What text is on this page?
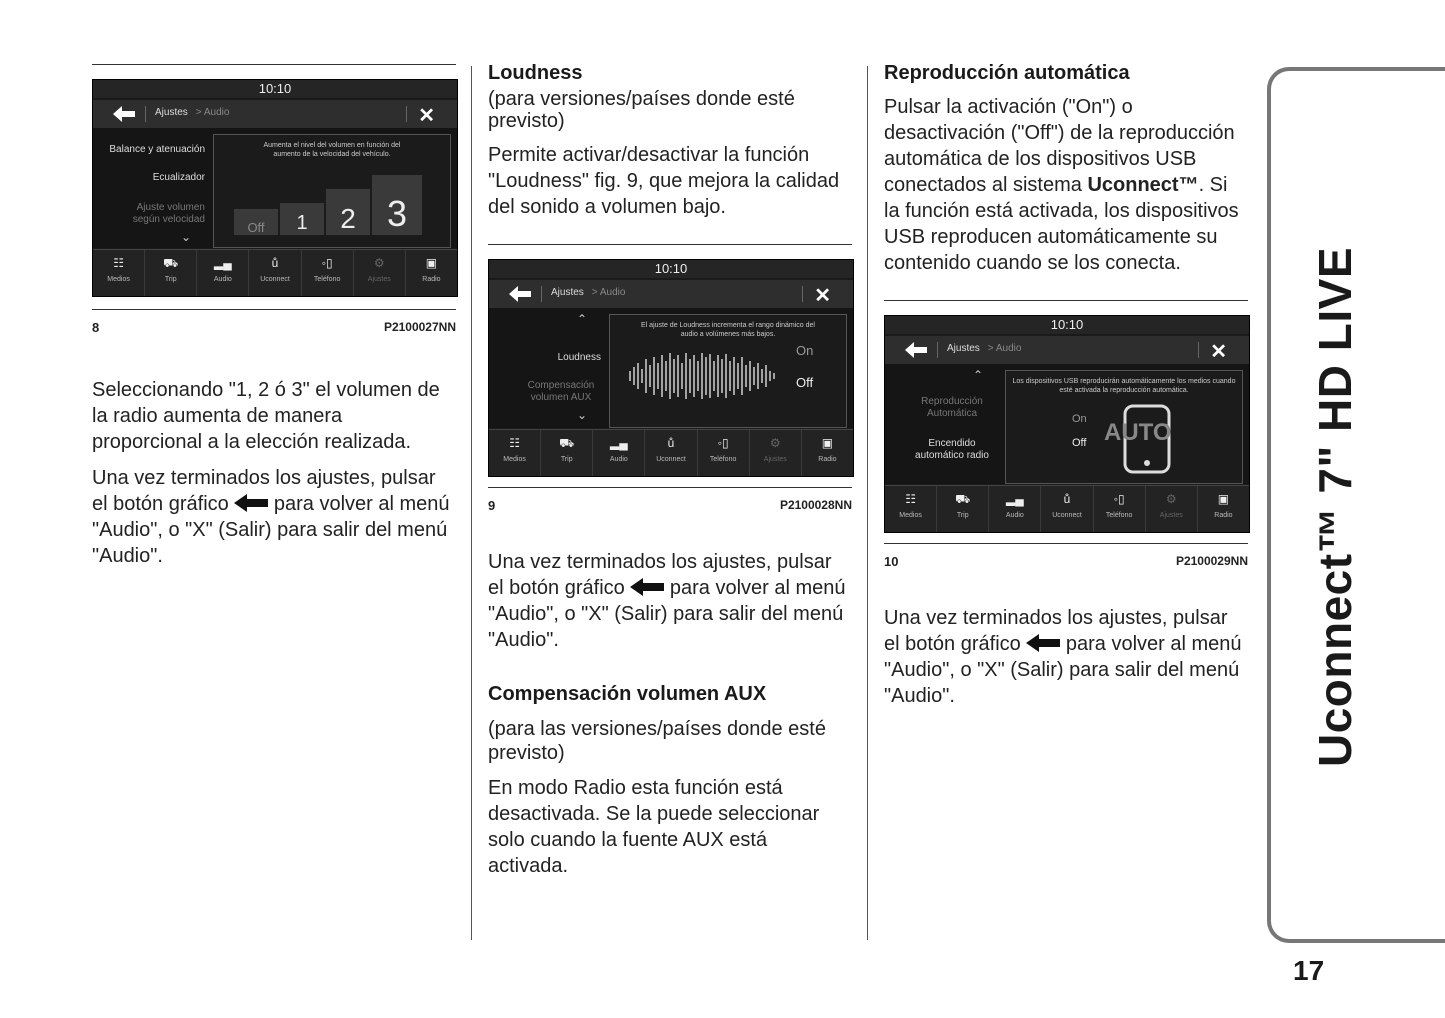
10:10
Ajustes > Audio	✕
Balance y atenuación
Ecualizador
Ajuste volumen según velocidad
⌄
Aumenta el nivel del volumen en función del aumento de la velocidad del vehículo.
Off	1	2 3
☷
Medios
⛟
Trip
▂▄
Audio
ů
Uconnect
◦▯
Teléfono
⚙
Ajustes
▣
Radio
8	P2100027NN

Seleccionando "1, 2 ó 3" el volumen de la radio aumenta de manera proporcional a la elección realizada.

Una vez terminados los ajustes, pulsar el botón gráfico para volver al menú "Audio", o "X" (Salir) para salir del menú "Audio".

Loudness

(para versiones/países donde esté previsto)

Permite activar/desactivar la función "Loudness" fig. 9, que mejora la calidad del sonido a volumen bajo.

10:10
Ajustes > Audio	✕
⌃
Loudness
Compensación volumen AUX
⌄
El ajuste de Loudness incrementa el rango dinámico del audio a volúmenes más bajos.
On
Off
☷
Medios
⛟
Trip
▂▄
Audio
ů
Uconnect
◦▯
Teléfono
⚙
Ajustes
▣
Radio
9	P2100028NN

Una vez terminados los ajustes, pulsar el botón gráfico para volver al menú "Audio", o "X" (Salir) para salir del menú "Audio".

Compensación volumen AUX

(para las versiones/países donde esté previsto)

En modo Radio esta función está desactivada. Se la puede seleccionar solo cuando la fuente AUX está activada.

Reproducción automática

Pulsar la activación ("On") o desactivación ("Off") de la reproducción automática de los dispositivos USB conectados al sistema Uconnect™. Si la función está activada, los dispositivos USB reproducen automáticamente su contenido cuando se los conecta.

10:10
Ajustes > Audio	✕
⌃
Reproducción Automática
Encendido automático radio
Los dispositivos USB reproducirán automáticamente los medios cuando esté activada la reproducción automática.
On
Off AUTO
☷
Medios
⛟
Trip
▂▄
Audio
ů
Uconnect
◦▯
Teléfono
⚙
Ajustes
▣
Radio
10	P2100029NN

Una vez terminados los ajustes, pulsar el botón gráfico para volver al menú "Audio", o "X" (Salir) para salir del menú "Audio".	Uconnect™ 7" HD LIVE
17
